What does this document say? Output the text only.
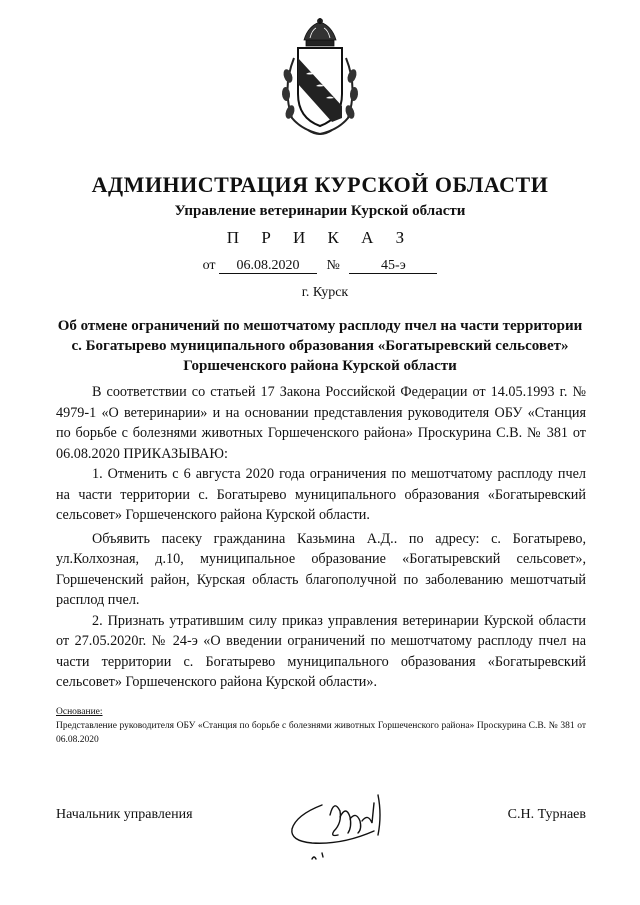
АДМИНИСТРАЦИЯ КУРСКОЙ ОБЛАСТИ
Управление ветеринарии Курской области
П Р И К А З
от 06.08.2020 №	45-э
г. Курск
Об отмене ограничений по мешотчатому расплоду пчел на части территории
с. Богатырево муниципального образования «Богатыревский сельсовет»
Горшеченского района Курской области

В соответствии со статьей 17 Закона Российской Федерации от 14.05.1993 г. № 4979-1 «О ветеринарии» и на основании представления руководителя ОБУ «Станция по борьбе с болезнями животных Горшеченского района» Проскурина С.В. № 381 от 06.08.2020 ПРИКАЗЫВАЮ:

1. Отменить с 6 августа 2020 года ограничения по мешотчатому расплоду пчел на части территории с. Богатырево муниципального образования «Богатыревский сельсовет» Горшеченского района Курской области.

Объявить пасеку гражданина Казьмина А.Д.. по адресу: с. Богатырево, ул.Колхозная, д.10, муниципальное образование «Богатыревский сельсовет», Горшеченский район, Курская область благополучной по заболеванию мешотчатый расплод пчел.

2. Признать утратившим силу приказ управления ветеринарии Курской области от 27.05.2020г. № 24-э «О введении ограничений по мешотчатому расплоду пчел на части территории с. Богатырево муниципального образования «Богатыревский сельсовет» Горшеченского района Курской области».

Основание:
Представление руководителя ОБУ «Станция по борьбе с болезнями животных Горшеченского района» Проскурина С.В. № 381 от 06.08.2020
Начальник управления	С.Н. Турнаев
